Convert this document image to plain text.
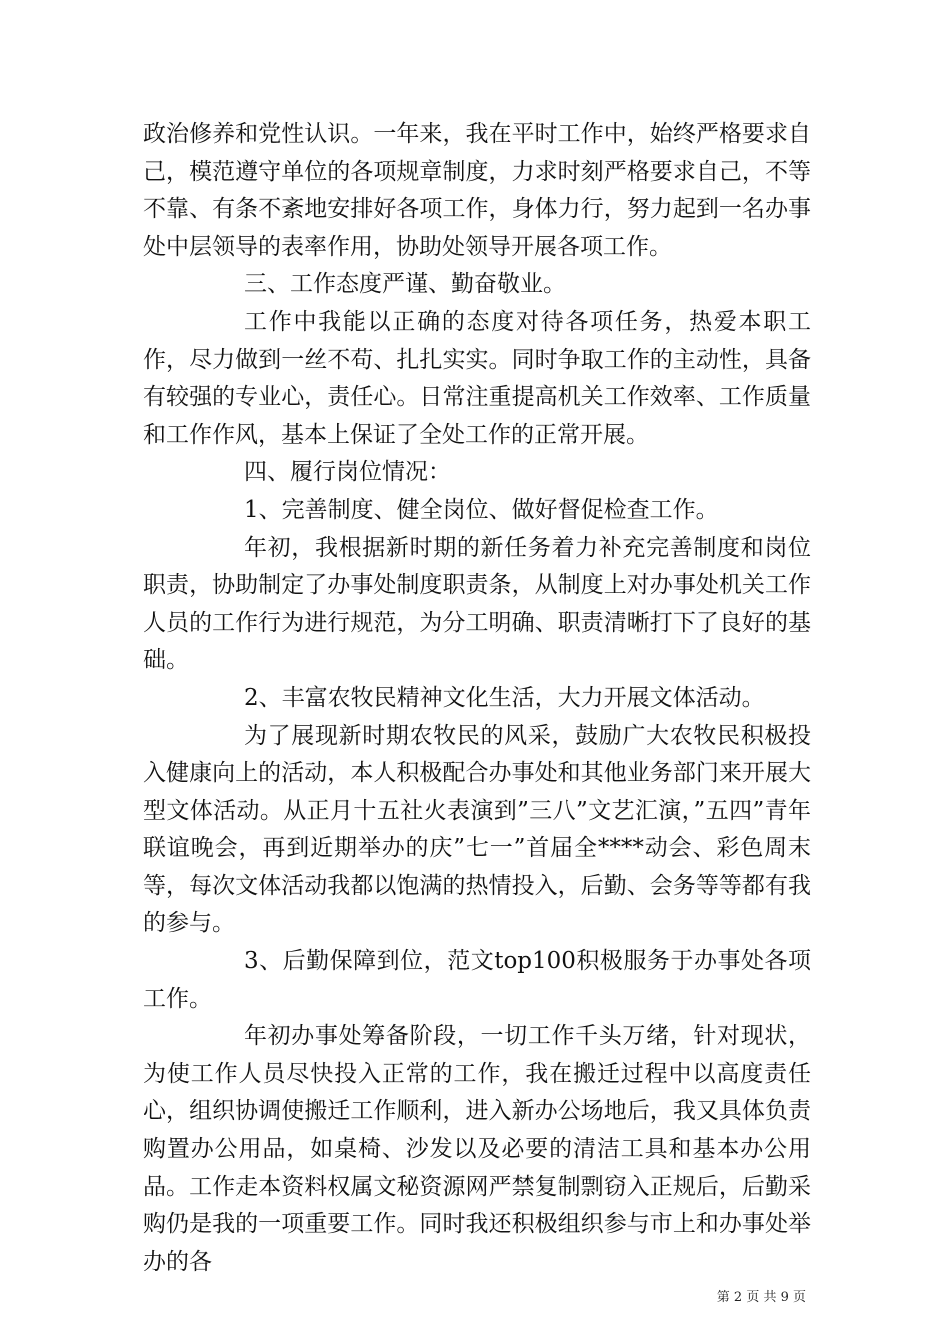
政治修养和党性认识。一年来，我在平时工作中，始终严格要求自己，模范遵守单位的各项规章制度，力求时刻严格要求自己，不等不靠、有条不紊地安排好各项工作，身体力行，努力起到一名办事处中层领导的表率作用，协助处领导开展各项工作。

三、工作态度严谨、勤奋敬业。

工作中我能以正确的态度对待各项任务，热爱本职工作，尽力做到一丝不苟、扎扎实实。同时争取工作的主动性，具备有较强的专业心，责任心。日常注重提高机关工作效率、工作质量和工作作风，基本上保证了全处工作的正常开展。

四、履行岗位情况：

1、完善制度、健全岗位、做好督促检查工作。

年初，我根据新时期的新任务着力补充完善制度和岗位职责，协助制定了办事处制度职责条，从制度上对办事处机关工作人员的工作行为进行规范，为分工明确、职责清晰打下了良好的基础。

2、丰富农牧民精神文化生活，大力开展文体活动。

为了展现新时期农牧民的风采，鼓励广大农牧民积极投入健康向上的活动，本人积极配合办事处和其他业务部门来开展大型文体活动。从正月十五社火表演到”三八”文艺汇演，”五四”青年联谊晚会，再到近期举办的庆”七一”首届全****动会、彩色周末等，每次文体活动我都以饱满的热情投入，后勤、会务等等都有我的参与。

3、后勤保障到位，范文top100积极服务于办事处各项工作。

年初办事处筹备阶段，一切工作千头万绪，针对现状，为使工作人员尽快投入正常的工作，我在搬迁过程中以高度责任心，组织协调使搬迁工作顺利，进入新办公场地后，我又具体负责购置办公用品，如桌椅、沙发以及必要的清洁工具和基本办公用品。工作走本资料权属文秘资源网严禁复制剽窃入正规后，后勤采购仍是我的一项重要工作。同时我还积极组织参与市上和办事处举办的各

第 2 页 共 9 页
